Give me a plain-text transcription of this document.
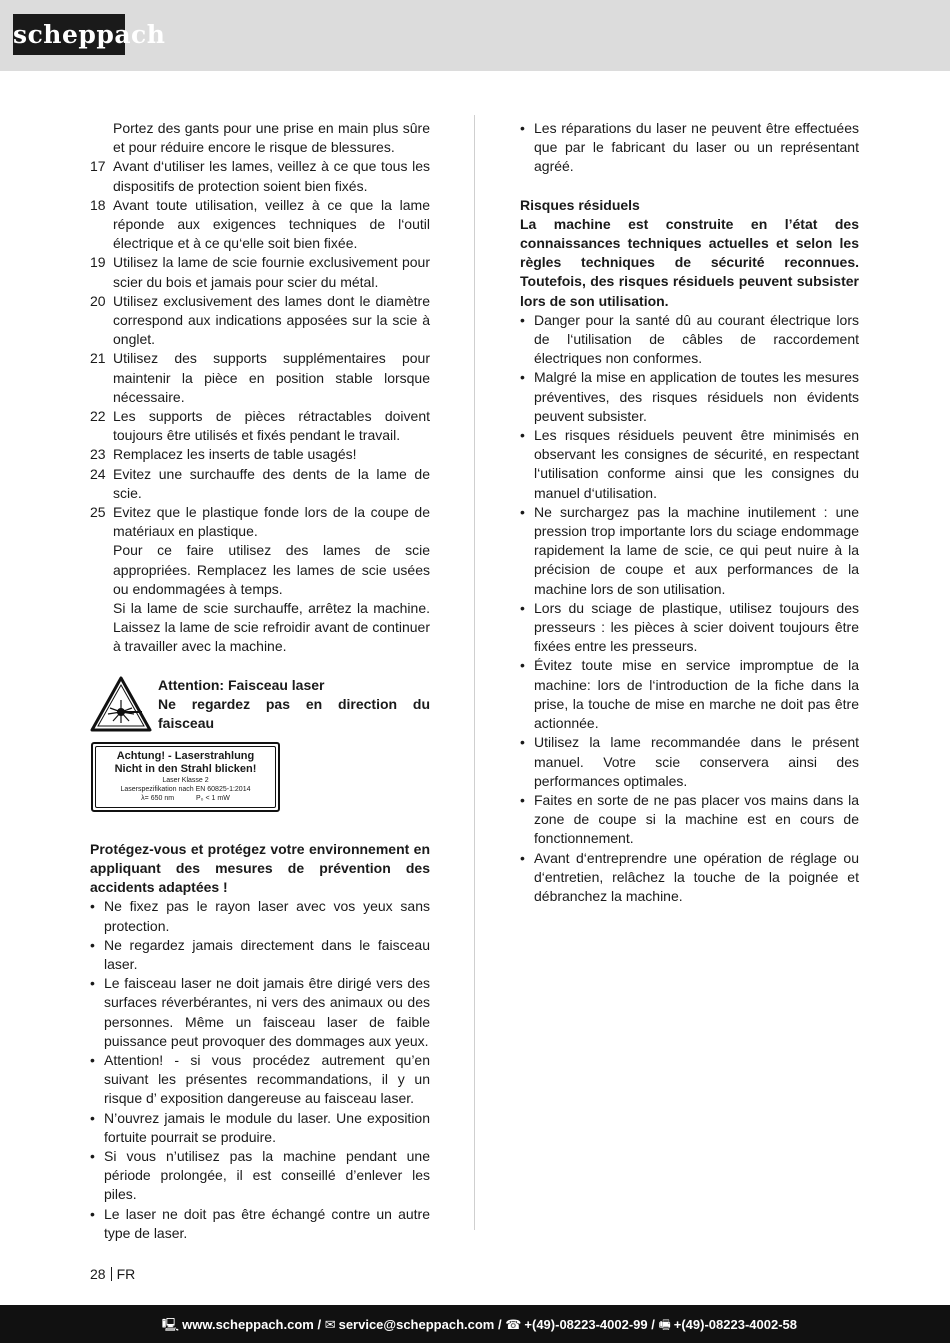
scheppach

Portez des gants pour une prise en main plus sûre et pour réduire encore le risque de blessures.

17 Avant d‘utiliser les lames, veillez à ce que tous les dispositifs de protection soient bien fixés.
18 Avant toute utilisation, veillez à ce que la lame réponde aux exigences techniques de l‘outil électrique et à ce qu‘elle soit bien fixée.
19 Utilisez la lame de scie fournie exclusivement pour scier du bois et jamais pour scier du métal.
20 Utilisez exclusivement des lames dont le diamètre correspond aux indications apposées sur la scie à onglet.
21 Utilisez des supports supplémentaires pour maintenir la pièce en position stable lorsque nécessaire.
22 Les supports de pièces rétractables doivent toujours être utilisés et fixés pendant le travail.
23 Remplacez les inserts de table usagés!
24 Evitez une surchauffe des dents de la lame de scie.
25 Evitez que le plastique fonde lors de la coupe de matériaux en plastique.

Pour ce faire utilisez des lames de scie appropriées. Remplacez les lames de scie usées ou endommagées à temps.

Si la lame de scie surchauffe, arrêtez la machine. Laissez la lame de scie refroidir avant de continuer à travailler avec la machine.

Attention: Faisceau laser
Ne regardez pas en direction du faisceau
Achtung! - Laserstrahlung
Nicht in den Strahl blicken!
Laser Klasse 2
Laserspezifikation nach EN 60825-1:2014
λ= 650 nm	P₀ < 1 mW

Protégez-vous et protégez votre environnement en appliquant des mesures de prévention des accidents adaptées !

• Ne fixez pas le rayon laser avec vos yeux sans protection.
• Ne regardez jamais directement dans le faisceau laser.
• Le faisceau laser ne doit jamais être dirigé vers des surfaces réverbérantes, ni vers des animaux ou des personnes. Même un faisceau laser de faible puissance peut provoquer des dommages aux yeux.
• Attention! - si vous procédez autrement qu’en suivant les présentes recommandations, il y un risque d’ exposition dangereuse au faisceau laser.
• N’ouvrez jamais le module du laser. Une exposition fortuite pourrait se produire.
• Si vous n’utilisez pas la machine pendant une période prolongée, il est conseillé d’enlever les piles.
• Le laser ne doit pas être échangé contre un autre type de laser.
• Les réparations du laser ne peuvent être effectuées que par le fabricant du laser ou un représentant agréé.

Risques résiduels

La machine est construite en l’état des connaissances techniques actuelles et selon les règles techniques de sécurité reconnues. Toutefois, des risques résiduels peuvent subsister lors de son utilisation.

• Danger pour la santé dû au courant électrique lors de l‘utilisation de câbles de raccordement électriques non conformes.
• Malgré la mise en application de toutes les mesures préventives, des risques résiduels non évidents peuvent subsister.
• Les risques résiduels peuvent être minimisés en observant les consignes de sécurité, en respectant l‘utilisation conforme ainsi que les consignes du manuel d‘utilisation.
• Ne surchargez pas la machine inutilement : une pression trop importante lors du sciage endommage rapidement la lame de scie, ce qui peut nuire à la précision de coupe et aux performances de la machine lors de son utilisation.
• Lors du sciage de plastique, utilisez toujours des presseurs : les pièces à scier doivent toujours être fixées entre les presseurs.
• Évitez toute mise en service impromptue de la machine: lors de l‘introduction de la fiche dans la prise, la touche de mise en marche ne doit pas être actionnée.
• Utilisez la lame recommandée dans le présent manuel. Votre scie conservera ainsi des performances optimales.
• Faites en sorte de ne pas placer vos mains dans la zone de coupe si la machine est en cours de fonctionnement.
• Avant d‘entreprendre une opération de réglage ou d‘entretien, relâchez la touche de la poignée et débranchez la machine.
28 FR
🖳 www.scheppach.com / ✉ service@scheppach.com / ☎ +(49)-08223-4002-99 / 🖷 +(49)-08223-4002-58
